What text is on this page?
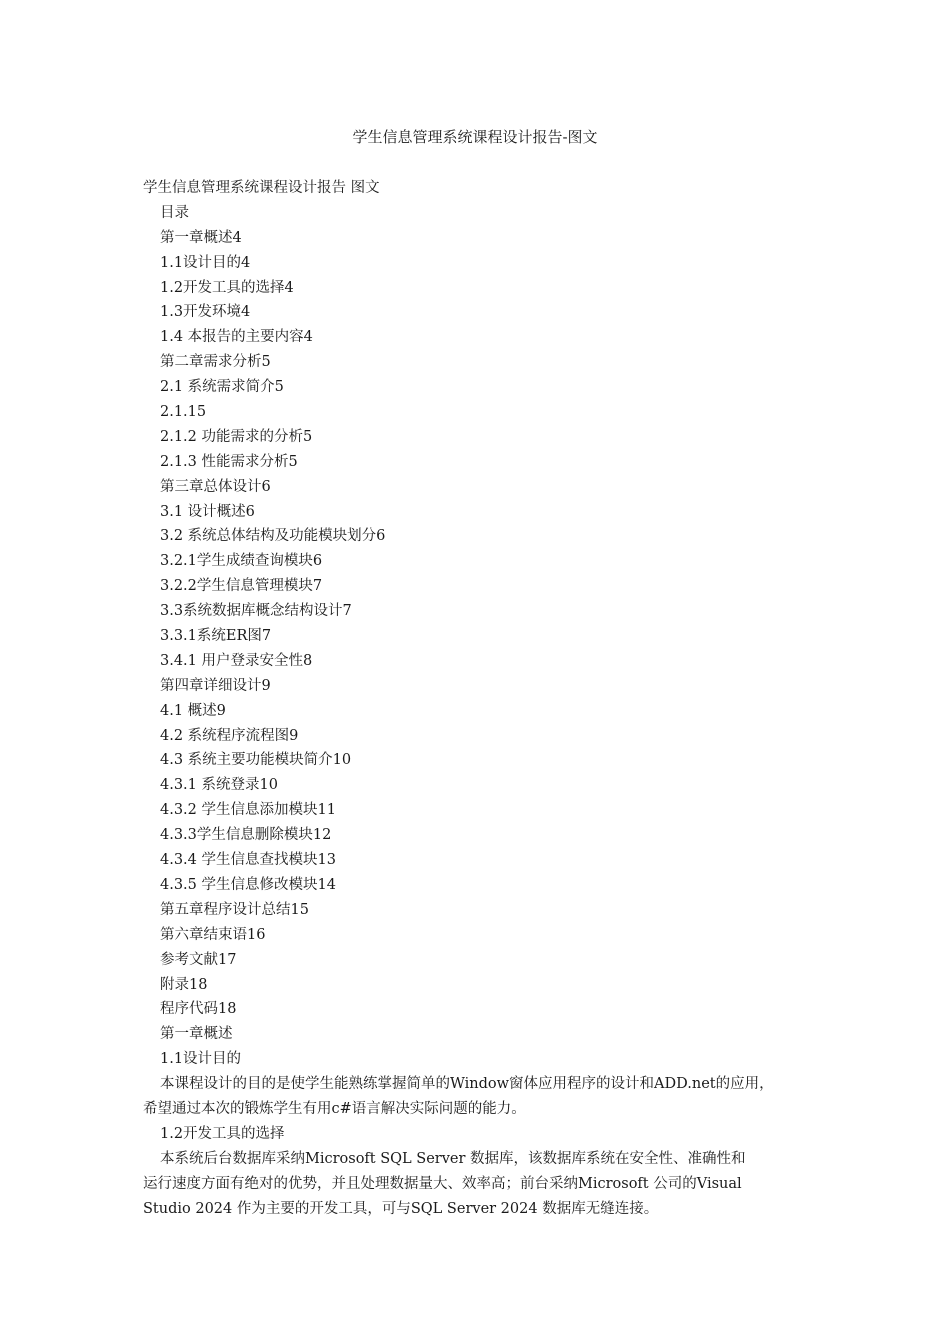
学生信息管理系统课程设计报告-图文
学生信息管理系统课程设计报告 图文
目录
第一章概述4
1.1设计目的4
1.2开发工具的选择4
1.3开发环境4
1.4 本报告的主要内容4
第二章需求分析5
2.1 系统需求简介5
2.1.15
2.1.2 功能需求的分析5
2.1.3 性能需求分析5
第三章总体设计6
3.1 设计概述6
3.2 系统总体结构及功能模块划分6
3.2.1学生成绩查询模块6
3.2.2学生信息管理模块7
3.3系统数据库概念结构设计7
3.3.1系统ER图7
3.4.1 用户登录安全性8
第四章详细设计9
4.1 概述9
4.2 系统程序流程图9
4.3 系统主要功能模块简介10
4.3.1 系统登录10
4.3.2 学生信息添加模块11
4.3.3学生信息删除模块12
4.3.4 学生信息查找模块13
4.3.5 学生信息修改模块14
第五章程序设计总结15
第六章结束语16
参考文献17
附录18
程序代码18
第一章概述
1.1设计目的
本课程设计的目的是使学生能熟练掌握简单的Window窗体应用程序的设计和ADD.net的应用，
希望通过本次的锻炼学生有用c#语言解决实际问题的能力。
1.2开发工具的选择
本系统后台数据库采纳Microsoft SQL Server 数据库，该数据库系统在安全性、准确性和
运行速度方面有绝对的优势，并且处理数据量大、效率高；前台采纳Microsoft 公司的Visual
Studio 2024 作为主要的开发工具，可与SQL Server 2024 数据库无缝连接。
